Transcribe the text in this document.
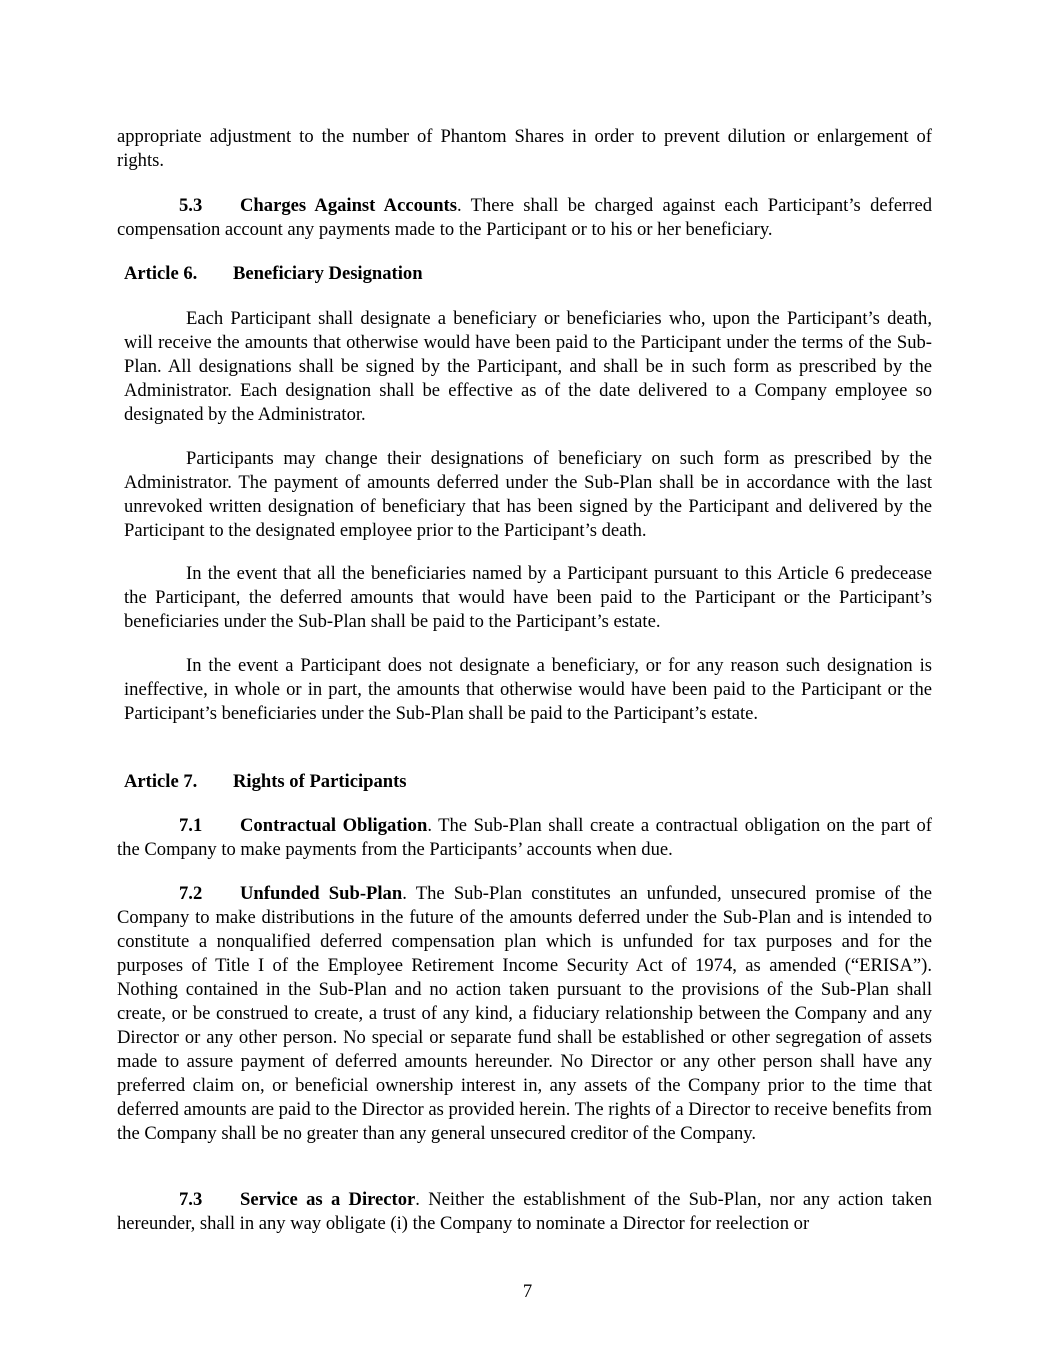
appropriate adjustment to the number of Phantom Shares in order to prevent dilution or enlargement of rights.

5.3 Charges Against Accounts. There shall be charged against each Participant’s deferred compensation account any payments made to the Participant or to his or her beneficiary.

Article 6. Beneficiary Designation

Each Participant shall designate a beneficiary or beneficiaries who, upon the Participant’s death, will receive the amounts that otherwise would have been paid to the Participant under the terms of the Sub-Plan. All designations shall be signed by the Participant, and shall be in such form as prescribed by the Administrator. Each designation shall be effective as of the date delivered to a Company employee so designated by the Administrator.

Participants may change their designations of beneficiary on such form as prescribed by the Administrator. The payment of amounts deferred under the Sub-Plan shall be in accordance with the last unrevoked written designation of beneficiary that has been signed by the Participant and delivered by the Participant to the designated employee prior to the Participant’s death.

In the event that all the beneficiaries named by a Participant pursuant to this Article 6 predecease the Participant, the deferred amounts that would have been paid to the Participant or the Participant’s beneficiaries under the Sub-Plan shall be paid to the Participant’s estate.

In the event a Participant does not designate a beneficiary, or for any reason such designation is ineffective, in whole or in part, the amounts that otherwise would have been paid to the Participant or the Participant’s beneficiaries under the Sub-Plan shall be paid to the Participant’s estate.

Article 7. Rights of Participants

7.1 Contractual Obligation. The Sub-Plan shall create a contractual obligation on the part of the Company to make payments from the Participants’ accounts when due.

7.2 Unfunded Sub-Plan. The Sub-Plan constitutes an unfunded, unsecured promise of the Company to make distributions in the future of the amounts deferred under the Sub-Plan and is intended to constitute a nonqualified deferred compensation plan which is unfunded for tax purposes and for the purposes of Title I of the Employee Retirement Income Security Act of 1974, as amended (“ERISA”). Nothing contained in the Sub-Plan and no action taken pursuant to the provisions of the Sub-Plan shall create, or be construed to create, a trust of any kind, a fiduciary relationship between the Company and any Director or any other person. No special or separate fund shall be established or other segregation of assets made to assure payment of deferred amounts hereunder. No Director or any other person shall have any preferred claim on, or beneficial ownership interest in, any assets of the Company prior to the time that deferred amounts are paid to the Director as provided herein. The rights of a Director to receive benefits from the Company shall be no greater than any general unsecured creditor of the Company.

7.3 Service as a Director. Neither the establishment of the Sub-Plan, nor any action taken hereunder, shall in any way obligate (i) the Company to nominate a Director for reelection or

7
